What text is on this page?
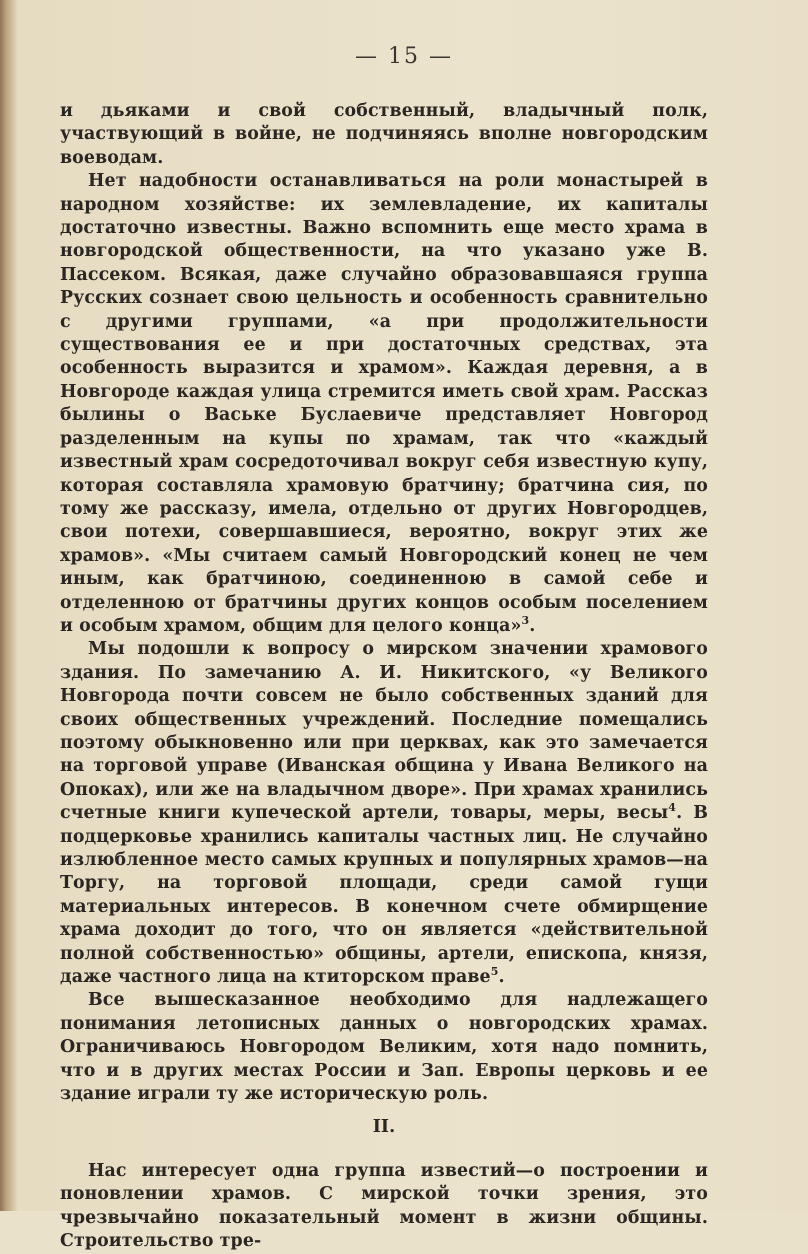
— 15 —

и дьяками и свой собственный, владычный полк, участвующий в войне, не подчиняясь вполне новгородским воеводам.

Нет надобности останавливаться на роли монастырей в народном хозяйстве: их землевладение, их капиталы достаточно известны. Важно вспомнить еще место храма в новгородской общественности, на что указано уже В. Пассеком. Всякая, даже случайно образовавшаяся группа Русских сознает свою цельность и особенность сравнительно с другими группами, «а при продолжительности существования ее и при достаточных средствах, эта особенность выразится и храмом». Каждая деревня, а в Новгороде каждая улица стремится иметь свой храм. Рассказ былины о Ваське Буслаевиче представляет Новгород разделенным на купы по храмам, так что «каждый известный храм сосредоточивал вокруг себя известную купу, которая составляла храмовую братчину; братчина сия, по тому же рассказу, имела, отдельно от других Новгородцев, свои потехи, совершавшиеся, вероятно, вокруг этих же храмов». «Мы считаем самый Новгородский конец не чем иным, как братчиною, соединенною в самой себе и отделенною от братчины других концов особым поселением и особым храмом, общим для целого конца»$^3$.

Мы подошли к вопросу о мирском значении храмового здания. По замечанию А. И. Никитского, «у Великого Новгорода почти совсем не было собственных зданий для своих общественных учреждений. Последние помещались поэтому обыкновенно или при церквах, как это замечается на торговой управе (Иванская община у Ивана Великого на Опоках), или же на владычном дворе». При храмах хранились счетные книги купеческой артели, товары, меры, весы$^4$. В подцерковье хранились капиталы частных лиц. Не случайно излюбленное место самых крупных и популярных храмов—на Торгу, на торговой площади, среди самой гущи материальных интересов. В конечном счете обмирщение храма доходит до того, что он является «действительной полной собственностью» общины, артели, епископа, князя, даже частного лица на ктиторском праве$^5$.

Все вышесказанное необходимо для надлежащего понимания летописных данных о новгородских храмах. Ограничиваюсь Новгородом Великим, хотя надо помнить, что и в других местах России и Зап. Европы церковь и ее здание играли ту же историческую роль.

II.

Нас интересует одна группа известий—о построении и поновлении храмов. С мирской точки зрения, это чрезвычайно показательный момент в жизни общины. Строительство тре-
